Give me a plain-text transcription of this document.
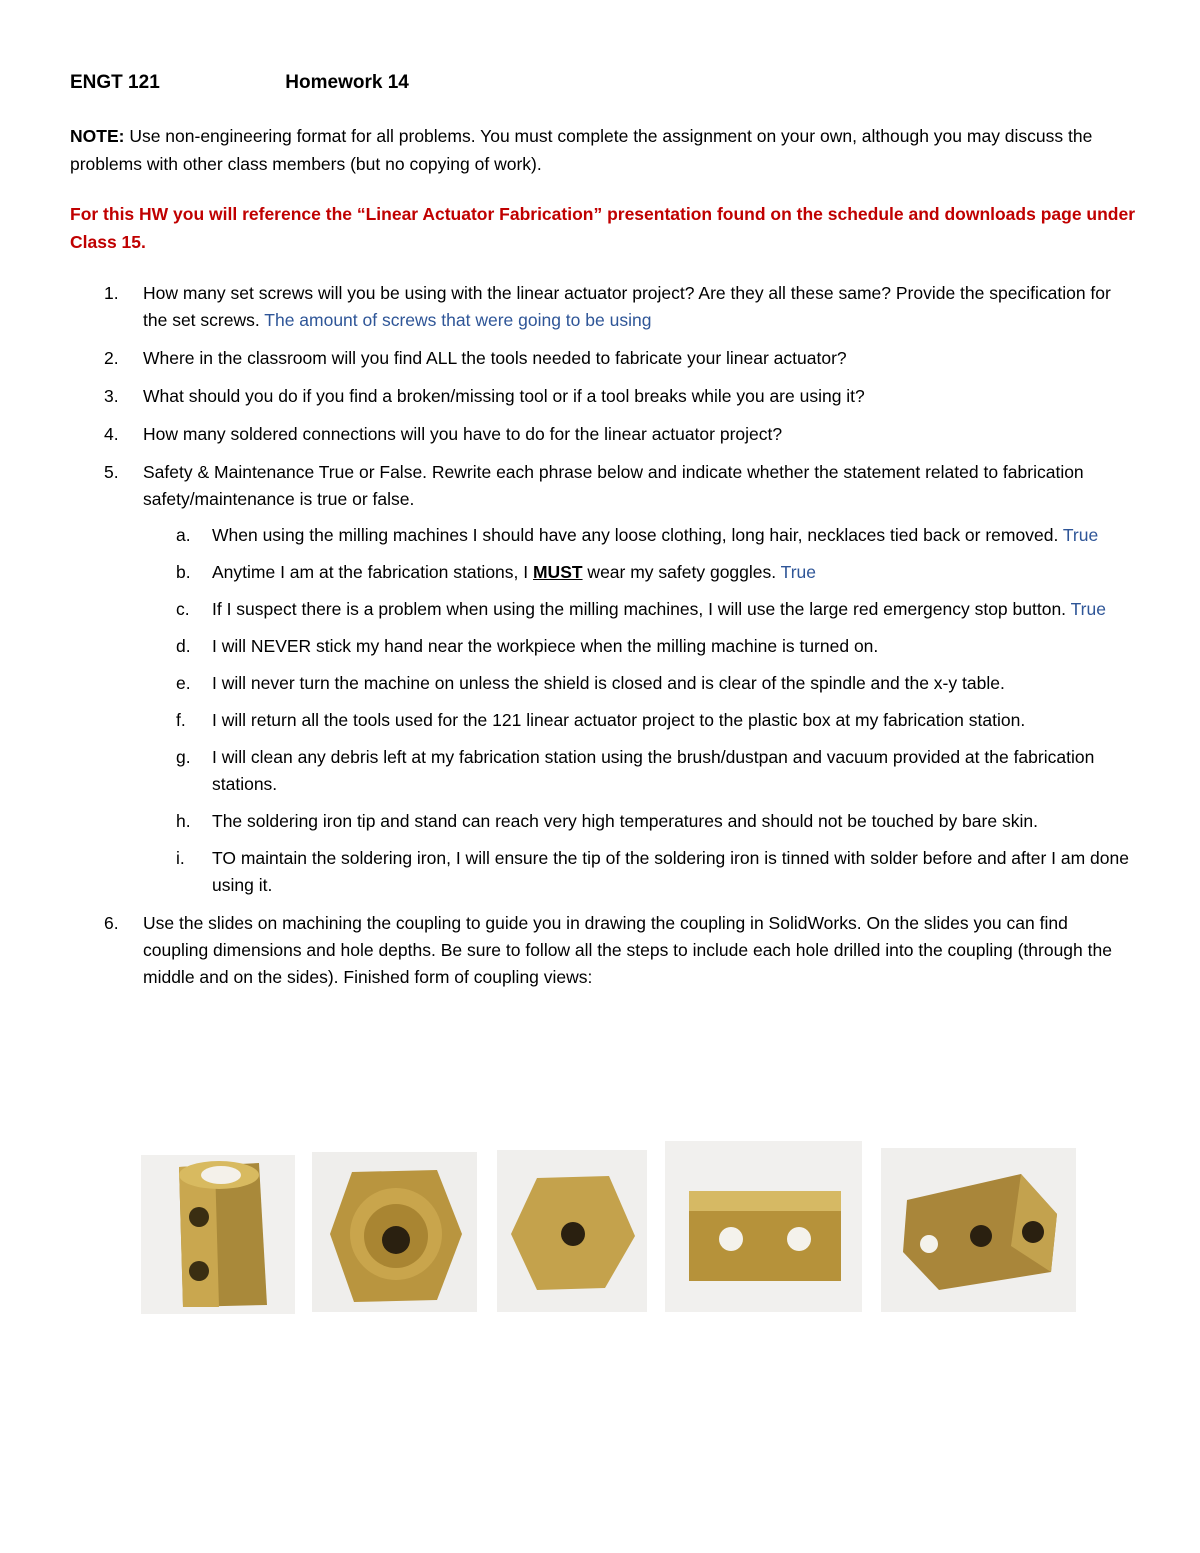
ENGT 121	Homework 14
NOTE: Use non-engineering format for all problems. You must complete the assignment on your own, although you may discuss the problems with other class members (but no copying of work).
For this HW you will reference the “Linear Actuator Fabrication” presentation found on the schedule and downloads page under Class 15.
1. How many set screws will you be using with the linear actuator project? Are they all these same? Provide the specification for the set screws. The amount of screws that were going to be using
2. Where in the classroom will you find ALL the tools needed to fabricate your linear actuator?
3. What should you do if you find a broken/missing tool or if a tool breaks while you are using it?
4. How many soldered connections will you have to do for the linear actuator project?
5. Safety & Maintenance True or False. Rewrite each phrase below and indicate whether the statement related to fabrication safety/maintenance is true or false.
a. When using the milling machines I should have any loose clothing, long hair, necklaces tied back or removed. True
b. Anytime I am at the fabrication stations, I MUST wear my safety goggles. True
c. If I suspect there is a problem when using the milling machines, I will use the large red emergency stop button. True
d. I will NEVER stick my hand near the workpiece when the milling machine is turned on.
e. I will never turn the machine on unless the shield is closed and is clear of the spindle and the x-y table.
f. I will return all the tools used for the 121 linear actuator project to the plastic box at my fabrication station.
g. I will clean any debris left at my fabrication station using the brush/dustpan and vacuum provided at the fabrication stations.
h. The soldering iron tip and stand can reach very high temperatures and should not be touched by bare skin.
i. TO maintain the soldering iron, I will ensure the tip of the soldering iron is tinned with solder before and after I am done using it.
6. Use the slides on machining the coupling to guide you in drawing the coupling in SolidWorks. On the slides you can find coupling dimensions and hole depths. Be sure to follow all the steps to include each hole drilled into the coupling (through the middle and on the sides). Finished form of coupling views:
